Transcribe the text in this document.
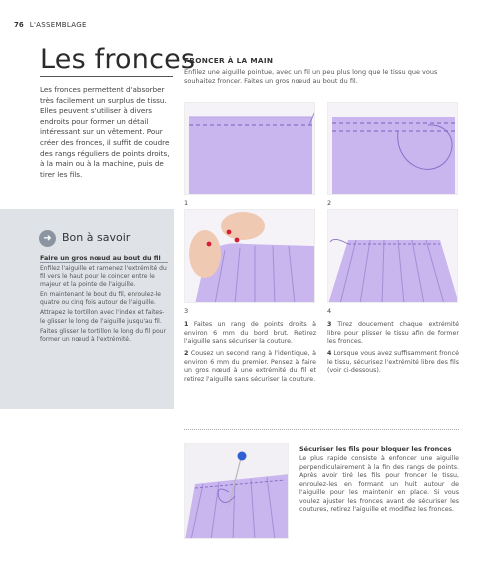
76 L'ASSEMBLAGE
Les fronces

Les fronces permettent d'absorber très facilement un surplus de tissu. Elles peuvent s'utiliser à divers endroits pour former un détail intéressant sur un vêtement. Pour créer des fronces, il suffit de coudre des rangs réguliers de points droits, à la main ou à la machine, puis de tirer les fils.

➜ Bon à savoir
Faire un gros nœud au bout du fil

Enfilez l'aiguille et ramenez l'extrémité du fil vers le haut pour le coincer entre le majeur et la pointe de l'aiguille.

En maintenant le bout du fil, enroulez-le quatre ou cinq fois autour de l'aiguille.

Attrapez le tortillon avec l'index et faites-le glisser le long de l'aiguille jusqu'au fil.

Faites glisser le tortillon le long du fil pour former un nœud à l'extrémité.

FRONCER À LA MAIN

Enfilez une aiguille pointue, avec un fil un peu plus long que le tissu que vous souhaitez froncer. Faites un gros nœud au bout du fil.

1	2
3	4

1 Faites un rang de points droits à environ 6 mm du bord brut. Retirez l'aiguille sans sécuriser la couture.

2 Cousez un second rang à l'identique, à environ 6 mm du premier. Pensez à faire un gros nœud à une extrémité du fil et retirez l'aiguille sans sécuriser la couture.

3 Tirez doucement chaque extrémité libre pour plisser le tissu afin de former les fronces.

4 Lorsque vous avez suffisamment froncé le tissu, sécurisez l'extrémité libre des fils (voir ci-dessous).

Sécuriser les fils pour bloquer les fronces

Le plus rapide consiste à enfoncer une aiguille perpendiculairement à la fin des rangs de points. Après avoir tiré les fils pour froncer le tissu, enroulez-les en formant un huit autour de l'aiguille pour les maintenir en place. Si vous voulez ajuster les fronces avant de sécuriser les coutures, retirez l'aiguille et modifiez les fronces.
